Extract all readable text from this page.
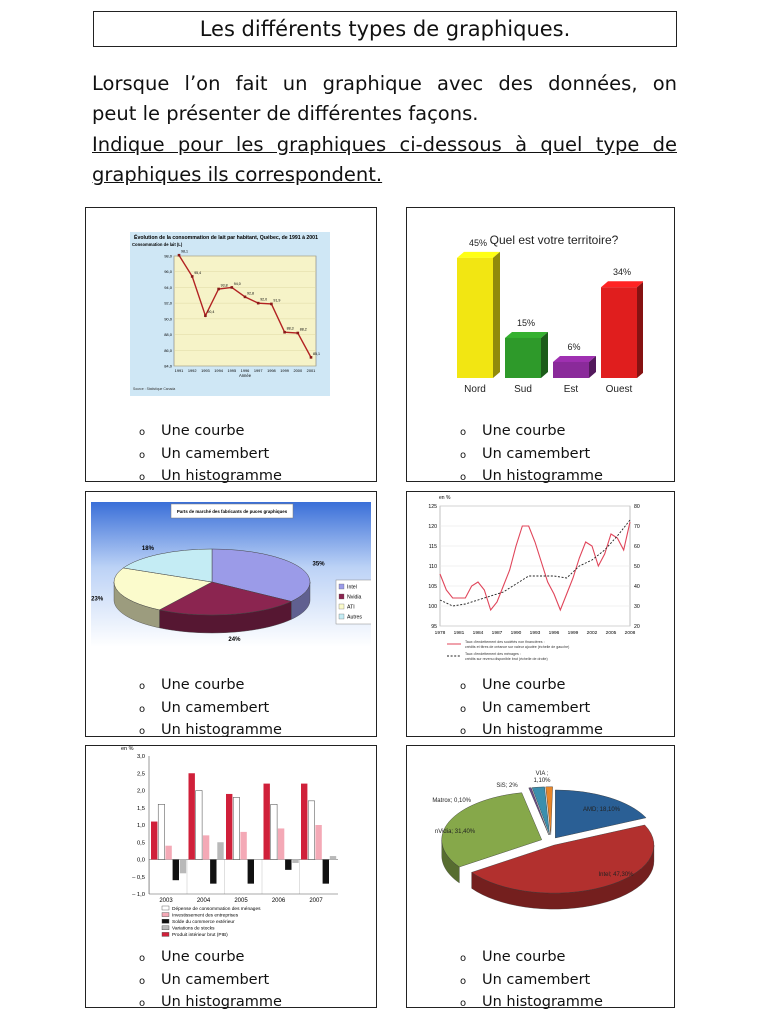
Les différents types de graphiques.
Lorsque l’on fait un graphique avec des données, on
peut le présenter de différentes façons.
Indique pour les graphiques ci-dessous à quel type de
graphiques ils correspondent.
Évolution de la consommation de lait par habitant, Québec, de 1991 à 2001
Consommation de lait (L)
Année
Source : Statistique Canada
84,0
86,0
88,0
90,0
92,0
94,0
96,0
98,0
1991 1992 1993 1994 1995 1996 1997 1998 1999 2000 2001
98,1
95,4
90,4
93,8 94,0
92,8
92,0 91,9
88,3 88,2
85,1
o Une courbe
o Un camembert
o Un histogramme
Quel est votre territoire?
45%
Nord
15%
Sud
6%
Est
34%
Ouest
o Une courbe
o Un camembert
o Un histogramme
Parts de marché des fabricants de puces graphiques
35%
24%
23%
18%
Intel
Nvidia
ATI
Autres
o Une courbe
o Un camembert
o Un histogramme
en %
95	20
100	30
105	40
110	50
115	60
120	70
125	80
1978 1981 1984 1987 1990 1993 1996 1999 2002 2005 2008
Taux d'endettement des sociétés non financières :
crédits et titres de créance sur valeur ajoutée (échelle de gauche)
Taux d'endettement des ménages :
crédits sur revenu disponible brut (échelle de droite)
o Une courbe
o Un camembert
o Un histogramme
en %
3,0
2,5
2,0
1,5
1,0
0,5
0,0
– 0,5
– 1,0
2003	2004	2005	2006	2007
Dépense de consommation des ménages
Investissement des entreprises
Solde du commerce extérieur
Variations de stocks
Produit intérieur brut (PIB)
o Une courbe
o Un camembert
o Un histogramme
AMD; 18,10%
Intel; 47,30%
nVidia; 31,40%
Matrox; 0,10%
SiS; 2%
VIA ;
1,10%
o Une courbe
o Un camembert
o Un histogramme
